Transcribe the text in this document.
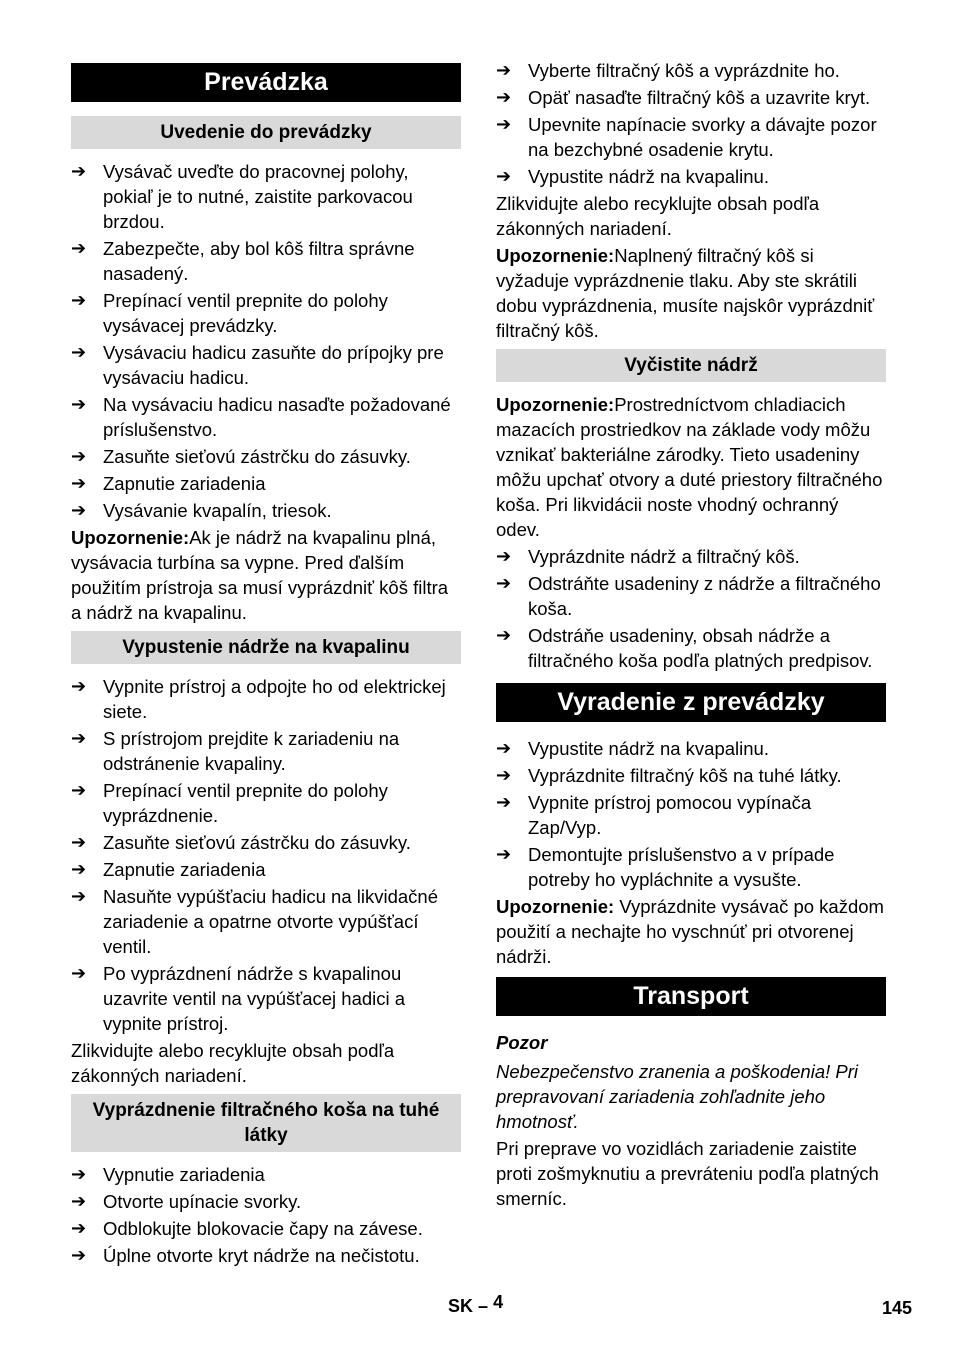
Prevádzka
Uvedenie do prevádzky
➔ Vysávač uveďte do pracovnej polohy, pokiaľ je to nutné, zaistite parkovacou brzdou.
➔ Zabezpečte, aby bol kôš filtra správne nasadený.
➔ Prepínací ventil prepnite do polohy vysávacej prevádzky.
➔ Vysávaciu hadicu zasuňte do prípojky pre vysávaciu hadicu.
➔ Na vysávaciu hadicu nasaďte požadované príslušenstvo.
➔ Zasuňte sieťovú zástrčku do zásuvky.
➔ Zapnutie zariadenia
➔ Vysávanie kvapalín, triesok.
Upozornenie:Ak je nádrž na kvapalinu plná, vysávacia turbína sa vypne. Pred ďalším použitím prístroja sa musí vyprázdniť kôš filtra a nádrž na kvapalinu.
Vypustenie nádrže na kvapalinu
➔ Vypnite prístroj a odpojte ho od elektrickej siete.
➔ S prístrojom prejdite k zariadeniu na odstránenie kvapaliny.
➔ Prepínací ventil prepnite do polohy vyprázdnenie.
➔ Zasuňte sieťovú zástrčku do zásuvky.
➔ Zapnutie zariadenia
➔ Nasuňte vypúšťaciu hadicu na likvidačné zariadenie a opatrne otvorte vypúšťací ventil.
➔ Po vyprázdnení nádrže s kvapalinou uzavrite ventil na vypúšťacej hadici a vypnite prístroj.
Zlikvidujte alebo recyklujte obsah podľa zákonných nariadení.
Vyprázdnenie filtračného koša na tuhé látky
➔ Vypnutie zariadenia
➔ Otvorte upínacie svorky.
➔ Odblokujte blokovacie čapy na závese.
➔ Úplne otvorte kryt nádrže na nečistotu.
➔ Vyberte filtračný kôš a vyprázdnite ho.
➔ Opäť nasaďte filtračný kôš a uzavrite kryt.
➔ Upevnite napínacie svorky a dávajte pozor na bezchybné osadenie krytu.
➔ Vypustite nádrž na kvapalinu.
Zlikvidujte alebo recyklujte obsah podľa zákonných nariadení.
Upozornenie:Naplnený filtračný kôš si vyžaduje vyprázdnenie tlaku. Aby ste skrátili dobu vyprázdnenia, musíte najskôr vyprázdniť filtračný kôš.
Vyčistite nádrž
Upozornenie:Prostredníctvom chladiacich mazacích prostriedkov na základe vody môžu vznikať bakteriálne zárodky. Tieto usadeniny môžu upchať otvory a duté priestory filtračného koša. Pri likvidácii noste vhodný ochranný odev.
➔ Vyprázdnite nádrž a filtračný kôš.
➔ Odstráňte usadeniny z nádrže a filtračného koša.
➔ Odstráňe usadeniny, obsah nádrže a filtračného koša podľa platných predpisov.
Vyradenie z prevádzky
➔ Vypustite nádrž na kvapalinu.
➔ Vyprázdnite filtračný kôš na tuhé látky.
➔ Vypnite prístroj pomocou vypínača Zap/Vyp.
➔ Demontujte príslušenstvo a v prípade potreby ho vypláchnite a vysušte.
Upozornenie: Vyprázdnite vysávač po každom použití a nechajte ho vyschnúť pri otvorenej nádrži.
Transport
Pozor
Nebezpečenstvo zranenia a poškodenia! Pri prepravovaní zariadenia zohľadnite jeho hmotnosť.
Pri preprave vo vozidlách zariadenie zaistite proti zošmyknutiu a prevráteniu podľa platných smerníc.
SK – 4	145
